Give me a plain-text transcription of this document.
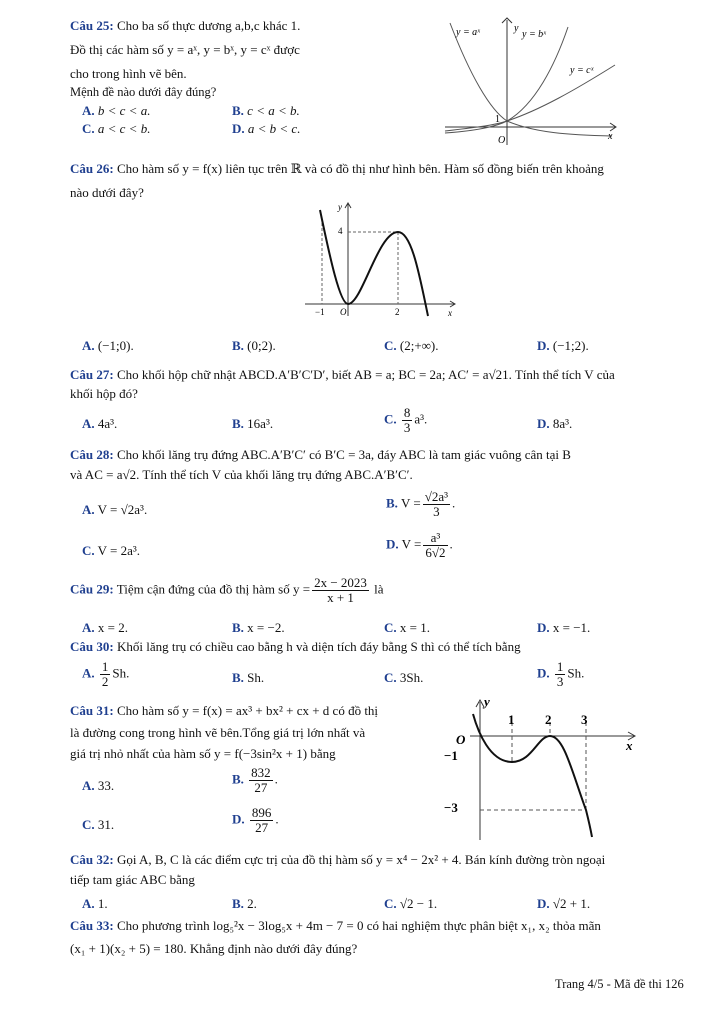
Câu 25: Cho ba số thực dương a,b,c khác 1.
Đồ thị các hàm số y = aˣ, y = bˣ, y = cˣ được
cho trong hình vẽ bên.
Mệnh đề nào dưới đây đúng?
A. b < c < a.	B. c < a < b.
C. a < c < b.	D. a < b < c.
y = aˣ	y = bˣ
y = cˣ
y
x
1
O
Câu 26: Cho hàm số y = f(x) liên tục trên ℝ và có đồ thị như hình bên. Hàm số đồng biến trên khoảng
nào dưới đây?
y
x
4
−1 O	2
A. (−1;0).	B. (0;2).	C. (2;+∞).	D. (−1;2).
Câu 27: Cho khối hộp chữ nhật ABCD.A′B′C′D′, biết AB = a; BC = 2a; AC′ = a√21. Tính thể tích V của
khối hộp đó?
A. 4a³.	B. 16a³.	C. $\frac{8}{3} a^3$.	D. 8a³.
Câu 28: Cho khối lăng trụ đứng ABC.A′B′C′ có B′C = 3a, đáy ABC là tam giác vuông cân tại B
và AC = a√2. Tính thể tích V của khối lăng trụ đứng ABC.A′B′C′.
A. V = √2a³.	B. $V = \frac{\text{√2a³}}{3}$ .
C. V = 2a³.	D. $V = \frac{\text{a³}}{6√2}$ .
Câu 29: Tiệm cận đứng của đồ thị hàm số $y = \frac{2x - 2023}{x + 1}$ là
A. x = 2.	B. x = −2.	C. x = 1.	D. x = −1.
Câu 30: Khối lăng trụ có chiều cao bằng h và diện tích đáy bằng S thì có thể tích bằng
A. $\frac{1}{2} Sh$.	B. Sh.	C. 3Sh.	D. $\frac{1}{3} Sh$.
Câu 31: Cho hàm số y = f(x) = ax³ + bx² + cx + d có đồ thị
là đường cong trong hình vẽ bên.Tổng giá trị lớn nhất và
giá trị nhỏ nhất của hàm số y = f(−3sin²x + 1) bằng
A. 33.	B. $\frac{832}{27}$ .
C. 31.	D. $\frac{896}{27}$ .
y
x
O
1 2 3
−1
−3
Câu 32: Gọi A, B, C là các điểm cực trị của đồ thị hàm số y = x⁴ − 2x² + 4. Bán kính đường tròn ngoại
tiếp tam giác ABC bằng
A. 1.	B. 2.	C. √2 − 1.	D. √2 + 1.
Câu 33: Cho phương trình log₅²x − 3log₅x + 4m − 7 = 0 có hai nghiệm thực phân biệt x₁, x₂ thỏa mãn
(x₁ + 1)(x₂ + 5) = 180. Khẳng định nào dưới đây đúng?
Trang 4/5 - Mã đề thi 126
